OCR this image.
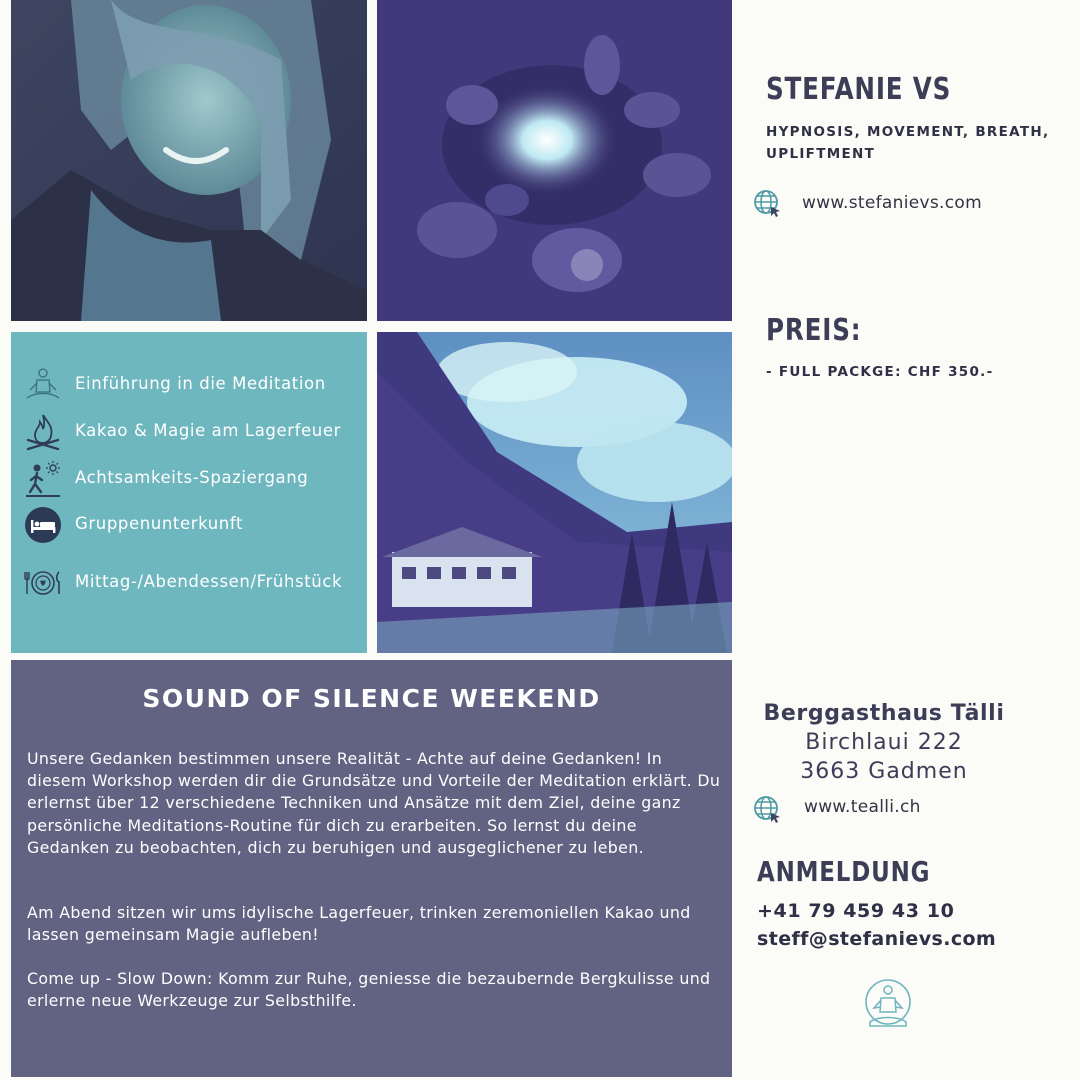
Einführung in die Meditation
Kakao & Magie am Lagerfeuer
Achtsamkeits-Spaziergang
Gruppenunterkunft
Mittag-/Abendessen/Frühstück
SOUND OF SILENCE WEEKEND

Unsere Gedanken bestimmen unsere Realität - Achte auf deine Gedanken! In diesem Workshop werden dir die Grundsätze und Vorteile der Meditation erklärt. Du erlernst über 12 verschiedene Techniken und Ansätze mit dem Ziel, deine ganz persönliche Meditations-Routine für dich zu erarbeiten. So lernst du deine Gedanken zu beobachten, dich zu beruhigen und ausgeglichener zu leben.

Am Abend sitzen wir ums idylische Lagerfeuer, trinken zeremoniellen Kakao und lassen gemeinsam Magie aufleben!

Come up - Slow Down: Komm zur Ruhe, geniesse die bezaubernde Bergkulisse und erlerne neue Werkzeuge zur Selbsthilfe.

STEFANIE VS
HYPNOSIS, MOVEMENT, BREATH,
UPLIFTMENT
www.stefanievs.com
PREIS:
- FULL PACKGE: CHF 350.-
Berggasthaus Tälli
Birchlaui 222
3663 Gadmen
www.tealli.ch
ANMELDUNG
+41 79 459 43 10
steff@stefanievs.com
